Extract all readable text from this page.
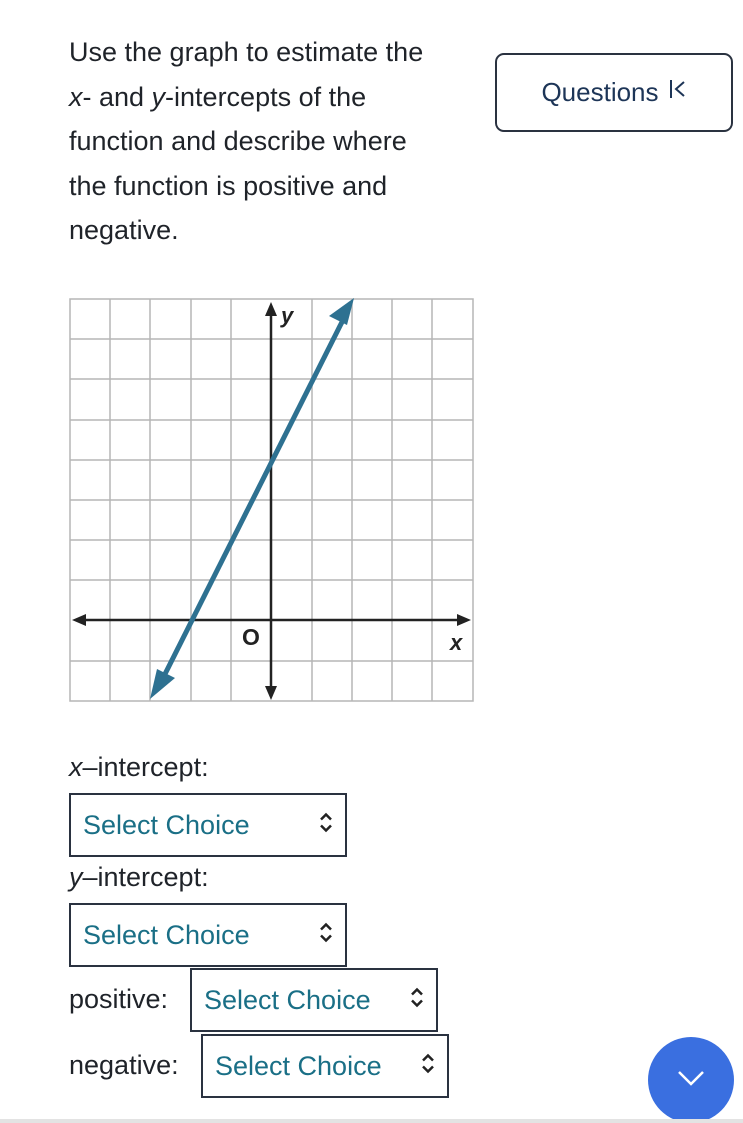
Use the graph to estimate the
x- and y-intercepts of the
function and describe where
the function is positive and
negative.
Questions
y
x
O
x–intercept:
Select Choice
y–intercept:
Select Choice
positive:	Select Choice
negative:	Select Choice
